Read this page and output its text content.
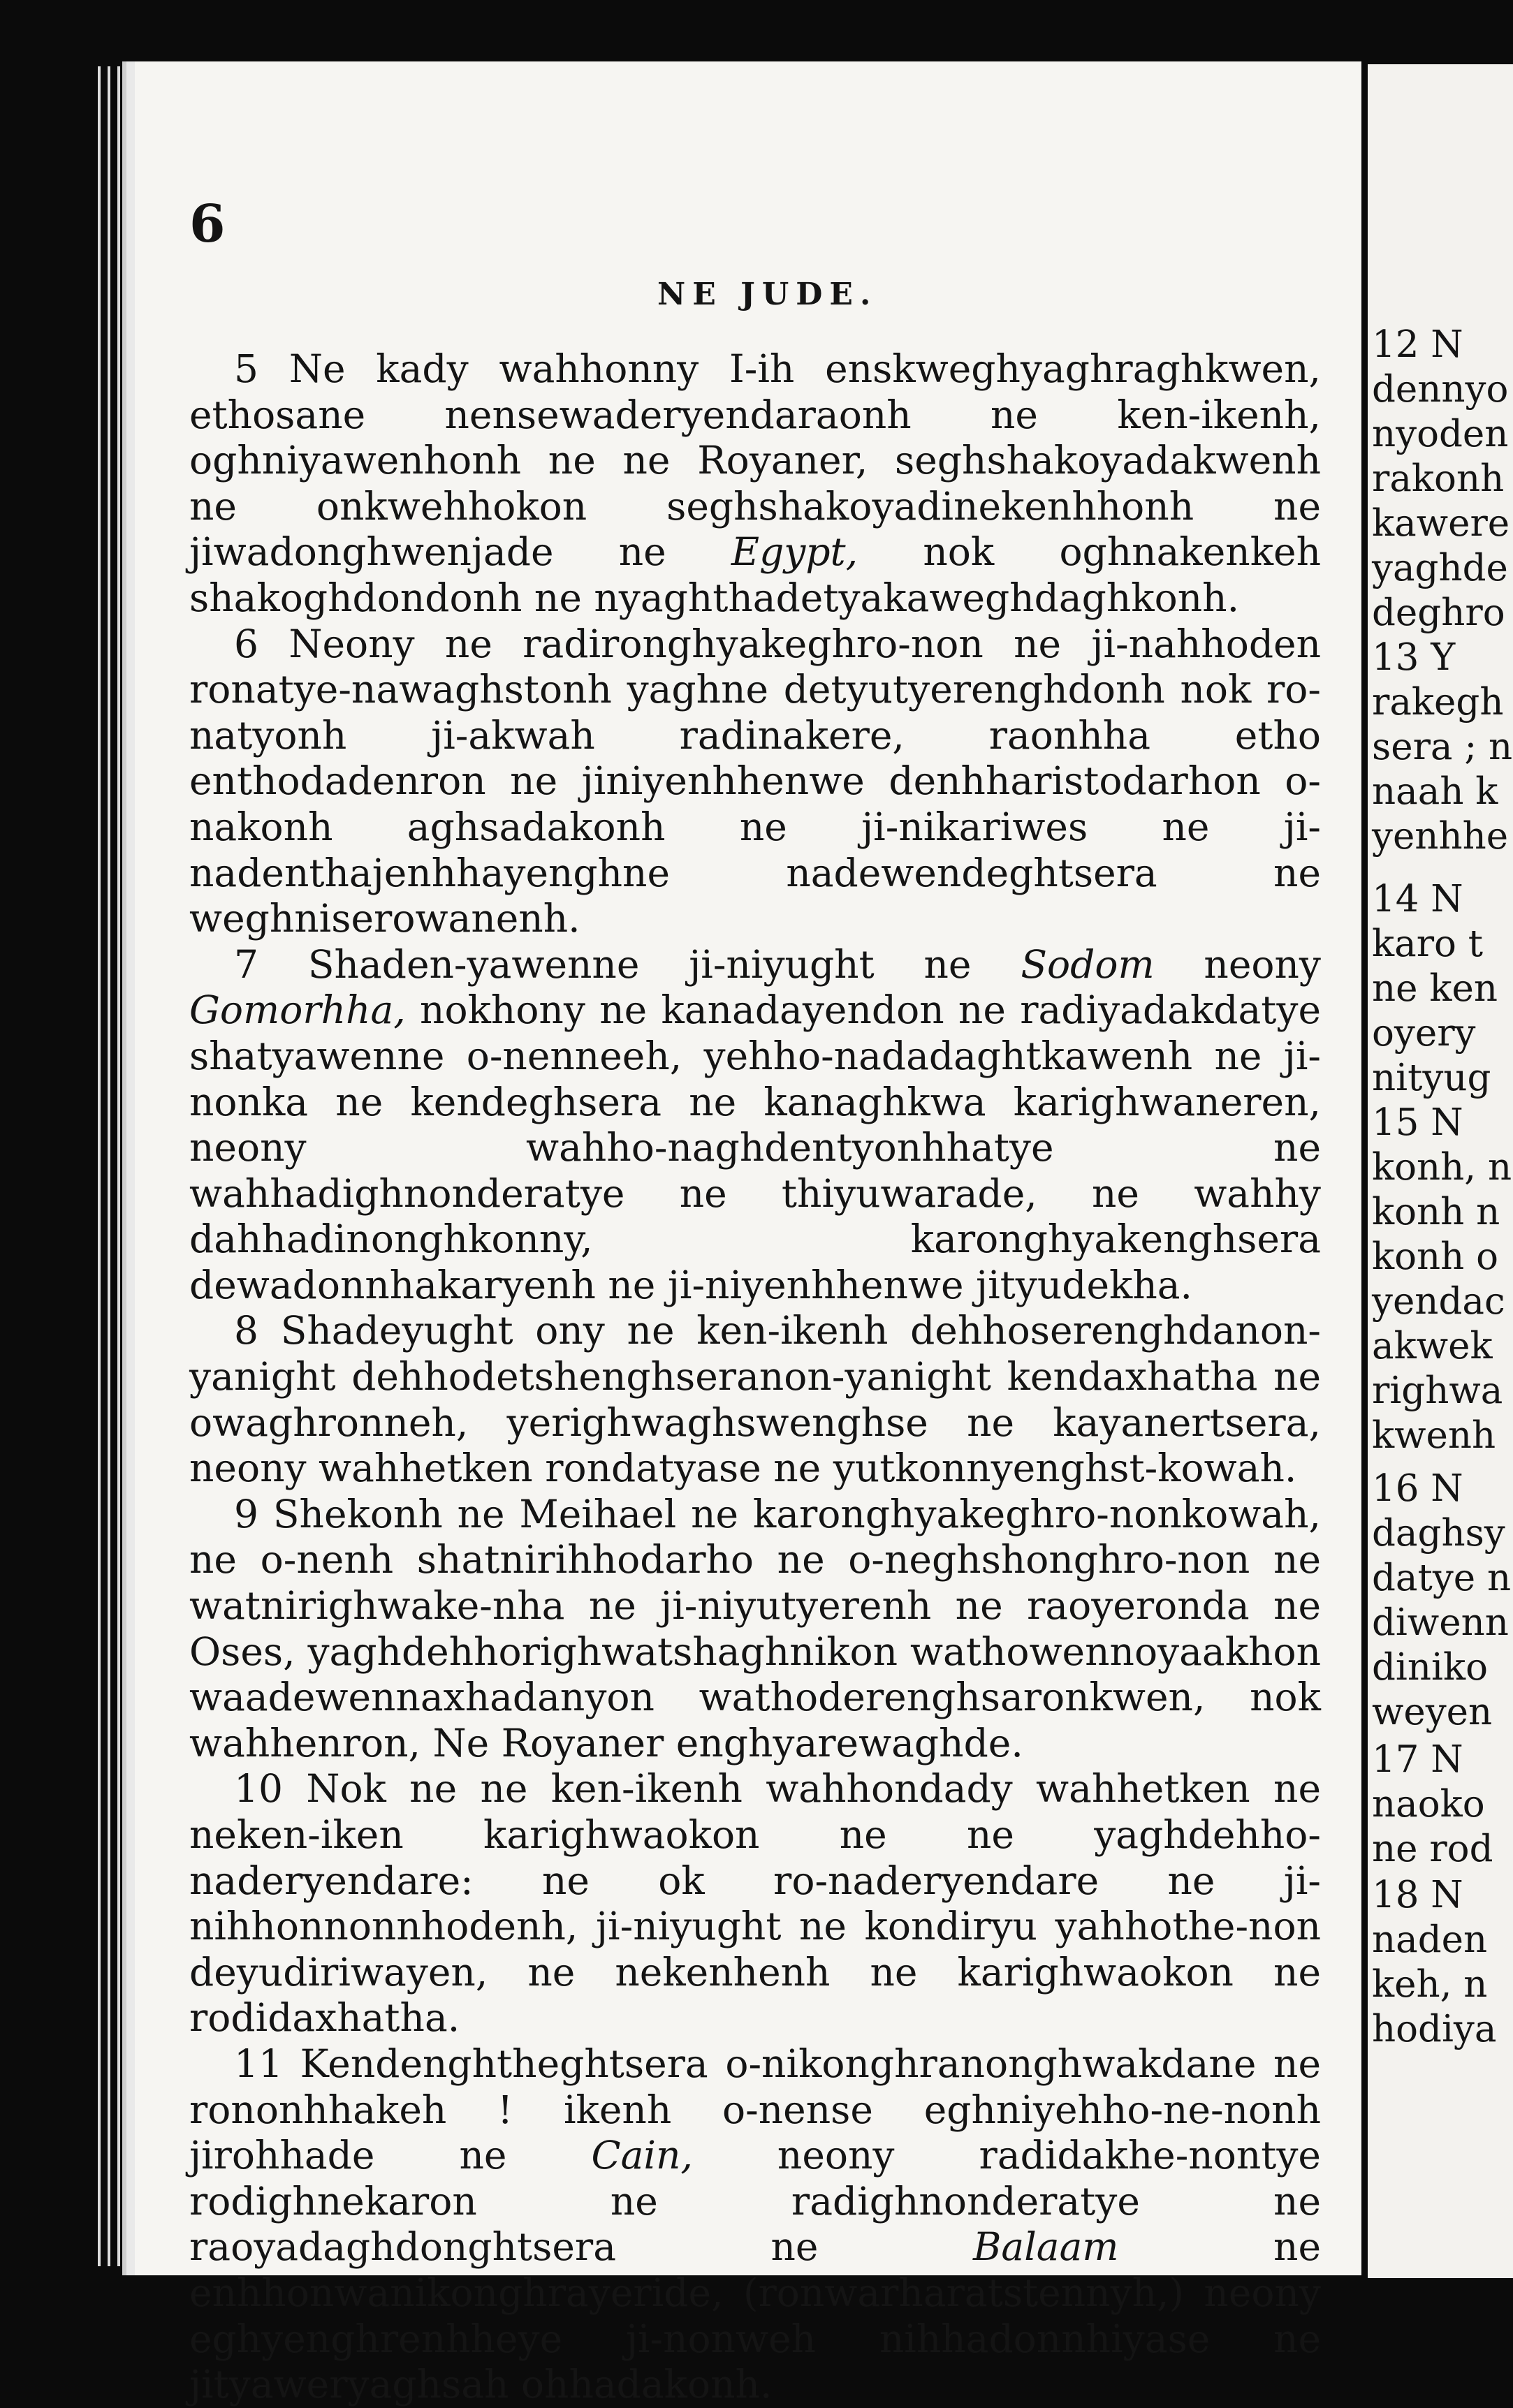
6
NE JUDE.

5 Ne kady wahhonny I-ih enskweghyaghraghkwen, ethosane nensewaderyendaraonh ne ken-ikenh, oghniyawenhonh ne ne Royaner, seghshakoyadakwenh ne onkwehhokon seghshakoyadinekenhhonh ne jiwadonghwenjade ne Egypt, nok oghnakenkeh shakoghdondonh ne nyaghthadetyakaweghdaghkonh.

6 Neony ne radironghyakeghro-non ne ji-nahhoden ronatye-nawaghstonh yaghne detyutyerenghdonh nok ro-natyonh ji-akwah radinakere, raonhha etho enthodadenron ne jiniyenhhenwe denhharistodarhon o-nakonh aghsadakonh ne ji-nikariwes ne ji-nadenthajenhhayenghne nadewendeghtsera ne weghniserowanenh.

7 Shaden-yawenne ji-niyught ne Sodom neony Gomorhha, nokhony ne kanadayendon ne radiyadakdatye shatyawenne o-nenneeh, yehho-nadadaghtkawenh ne ji-nonka ne kendeghsera ne kanaghkwa karighwaneren, neony wahho-naghdentyonhhatye ne wahhadighnonderatye ne thiyuwarade, ne wahhy dahhadinonghkonny, karonghyakenghsera dewadonnhakaryenh ne ji-niyenhhenwe jityudekha.

8 Shadeyught ony ne ken-ikenh dehhoserenghdanon-yanight dehhodetshenghseranon-yanight kendaxhatha ne owaghronneh, yerighwaghswenghse ne kayanertsera, neony wahhetken rondatyase ne yutkonnyenghst-kowah.

9 Shekonh ne Meihael ne karonghyakeghro-nonkowah, ne o-nenh shatnirihhodarho ne o-neghshonghro-non ne watnirighwake-nha ne ji-niyutyerenh ne raoyeronda ne Oses, yaghdehhorighwatshaghnikon wathowennoyaakhon waadewennaxhadanyon wathoderenghsaronkwen, nok wahhenron, Ne Royaner enghyarewaghde.

10 Nok ne ne ken-ikenh wahhondady wahhetken ne neken-iken karighwaokon ne ne yaghdehho-naderyendare: ne ok ro-naderyendare ne ji-nihhonnonnhodenh, ji-niyught ne kondiryu yahhothe-non deyudiriwayen, ne nekenhenh ne karighwaokon ne rodidaxhatha.

11 Kendenghtheghtsera o-nikonghranonghwakdane ne rononhhakeh ! ikenh o-nense eghniyehho-ne-nonh jirohhade ne Cain, neony radidakhe-nontye rodighnekaron ne radighnonderatye ne raoyadaghdonghtsera ne Balaam ne enhhonwanikonghrayeride, (ronwarharatstennyh,) neony eghyenghrenhheye ji-nonweh nihhadonnhiyase ne jityaweryaghsah ohhadakonh.

12 N
dennyo
nyoden
rakonh
kawere
yaghde
deghro
13 Y
rakegh
sera ; n
naah k
yenhhe
14 N
karo t
ne ken
oyery
nityug
15 N
konh, n
konh n
konh o
yendac
akwek
righwa
kwenh
16 N
daghsy
datye n
diwenn
diniko
weyen
17 N
naoko
ne rod
18 N
naden
keh, n
hodiya
